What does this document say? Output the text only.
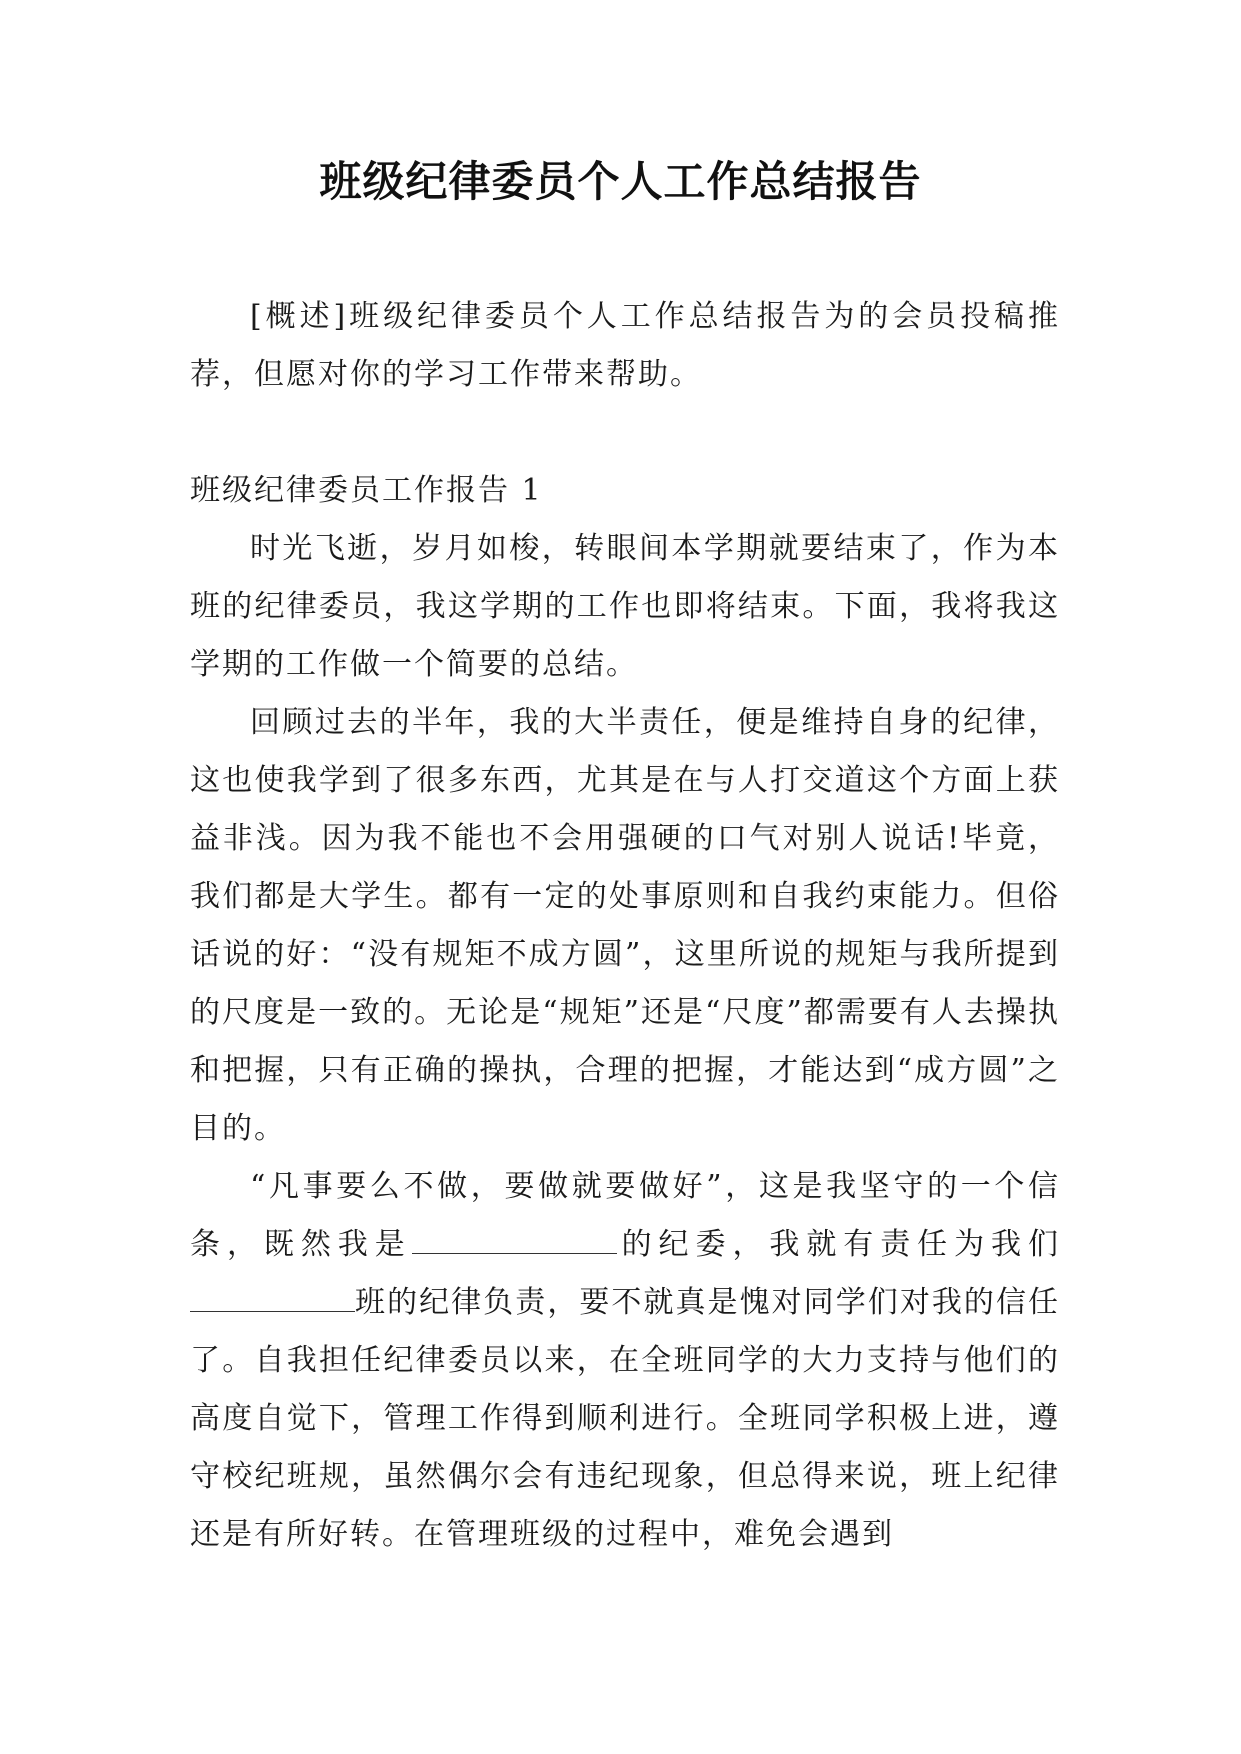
班级纪律委员个人工作总结报告

[概述]班级纪律委员个人工作总结报告为的会员投稿推荐，但愿对你的学习工作带来帮助。

班级纪律委员工作报告 1

时光飞逝，岁月如梭，转眼间本学期就要结束了，作为本班的纪律委员，我这学期的工作也即将结束。下面，我将我这学期的工作做一个简要的总结。

回顾过去的半年，我的大半责任，便是维持自身的纪律，这也使我学到了很多东西，尤其是在与人打交道这个方面上获益非浅。因为我不能也不会用强硬的口气对别人说话!毕竟，我们都是大学生。都有一定的处事原则和自我约束能力。但俗话说的好：“没有规矩不成方圆”，这里所说的规矩与我所提到的尺度是一致的。无论是“规矩”还是“尺度”都需要有人去操执和把握，只有正确的操执，合理的把握，才能达到“成方圆”之目的。

“凡事要么不做，要做就要做好”，这是我坚守的一个信条，既然我是	的纪委，我就有责任为我们班的纪律负责，要不就真是愧对同学们对我的信任了。自我担任纪律委员以来，在全班同学的大力支持与他们的高度自觉下，管理工作得到顺利进行。全班同学积极上进，遵守校纪班规，虽然偶尔会有违纪现象，但总得来说，班上纪律还是有所好转。在管理班级的过程中，难免会遇到
